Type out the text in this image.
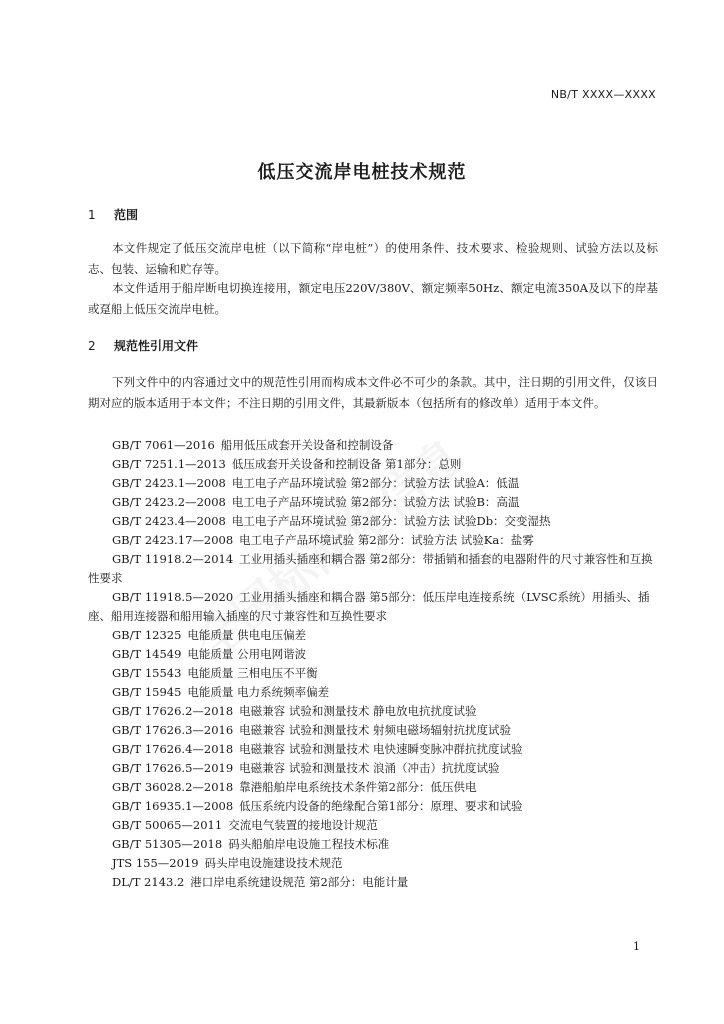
NB/T XXXX—XXXX
低压交流岸电桩技术规范
1 范围

本文件规定了低压交流岸电桩（以下简称“岸电桩”）的使用条件、技术要求、检验规则、试验方法以及标志、包装、运输和贮存等。

本文件适用于船岸断电切换连接用，额定电压220V/380V、额定频率50Hz、额定电流350A及以下的岸基或趸船上低压交流岸电桩。

2 规范性引用文件

下列文件中的内容通过文中的规范性引用而构成本文件必不可少的条款。其中，注日期的引用文件，仅该日期对应的版本适用于本文件；不注日期的引用文件，其最新版本（包括所有的修改单）适用于本文件。

GB/T 7061—2016 船用低压成套开关设备和控制设备
GB/T 7251.1—2013 低压成套开关设备和控制设备 第1部分：总则
GB/T 2423.1—2008 电工电子产品环境试验 第2部分：试验方法 试验A：低温
GB/T 2423.2—2008 电工电子产品环境试验 第2部分：试验方法 试验B：高温
GB/T 2423.4—2008 电工电子产品环境试验 第2部分：试验方法 试验Db：交变湿热
GB/T 2423.17—2008 电工电子产品环境试验 第2部分：试验方法 试验Ka：盐雾
GB/T 11918.2—2014 工业用插头插座和耦合器 第2部分：带插销和插套的电器附件的尺寸兼容性和互换性要求
GB/T 11918.5—2020 工业用插头插座和耦合器 第5部分：低压岸电连接系统（LVSC系统）用插头、插座、船用连接器和船用输入插座的尺寸兼容性和互换性要求
GB/T 12325 电能质量 供电电压偏差
GB/T 14549 电能质量 公用电网谐波
GB/T 15543 电能质量 三相电压不平衡
GB/T 15945 电能质量 电力系统频率偏差
GB/T 17626.2—2018 电磁兼容 试验和测量技术 静电放电抗扰度试验
GB/T 17626.3—2016 电磁兼容 试验和测量技术 射频电磁场辐射抗扰度试验
GB/T 17626.4—2018 电磁兼容 试验和测量技术 电快速瞬变脉冲群抗扰度试验
GB/T 17626.5—2019 电磁兼容 试验和测量技术 浪涌（冲击）抗扰度试验
GB/T 36028.2—2018 靠港船舶岸电系统技术条件第2部分：低压供电
GB/T 16935.1—2008 低压系统内设备的绝缘配合第1部分：原理、要求和试验
GB/T 50065—2011 交流电气装置的接地设计规范
GB/T 51305—2018 码头船舶岸电设施工程技术标准
JTS 155—2019 码头岸电设施建设技术规范
DL/T 2143.2 港口岸电系统建设规范 第2部分：电能计量
1
